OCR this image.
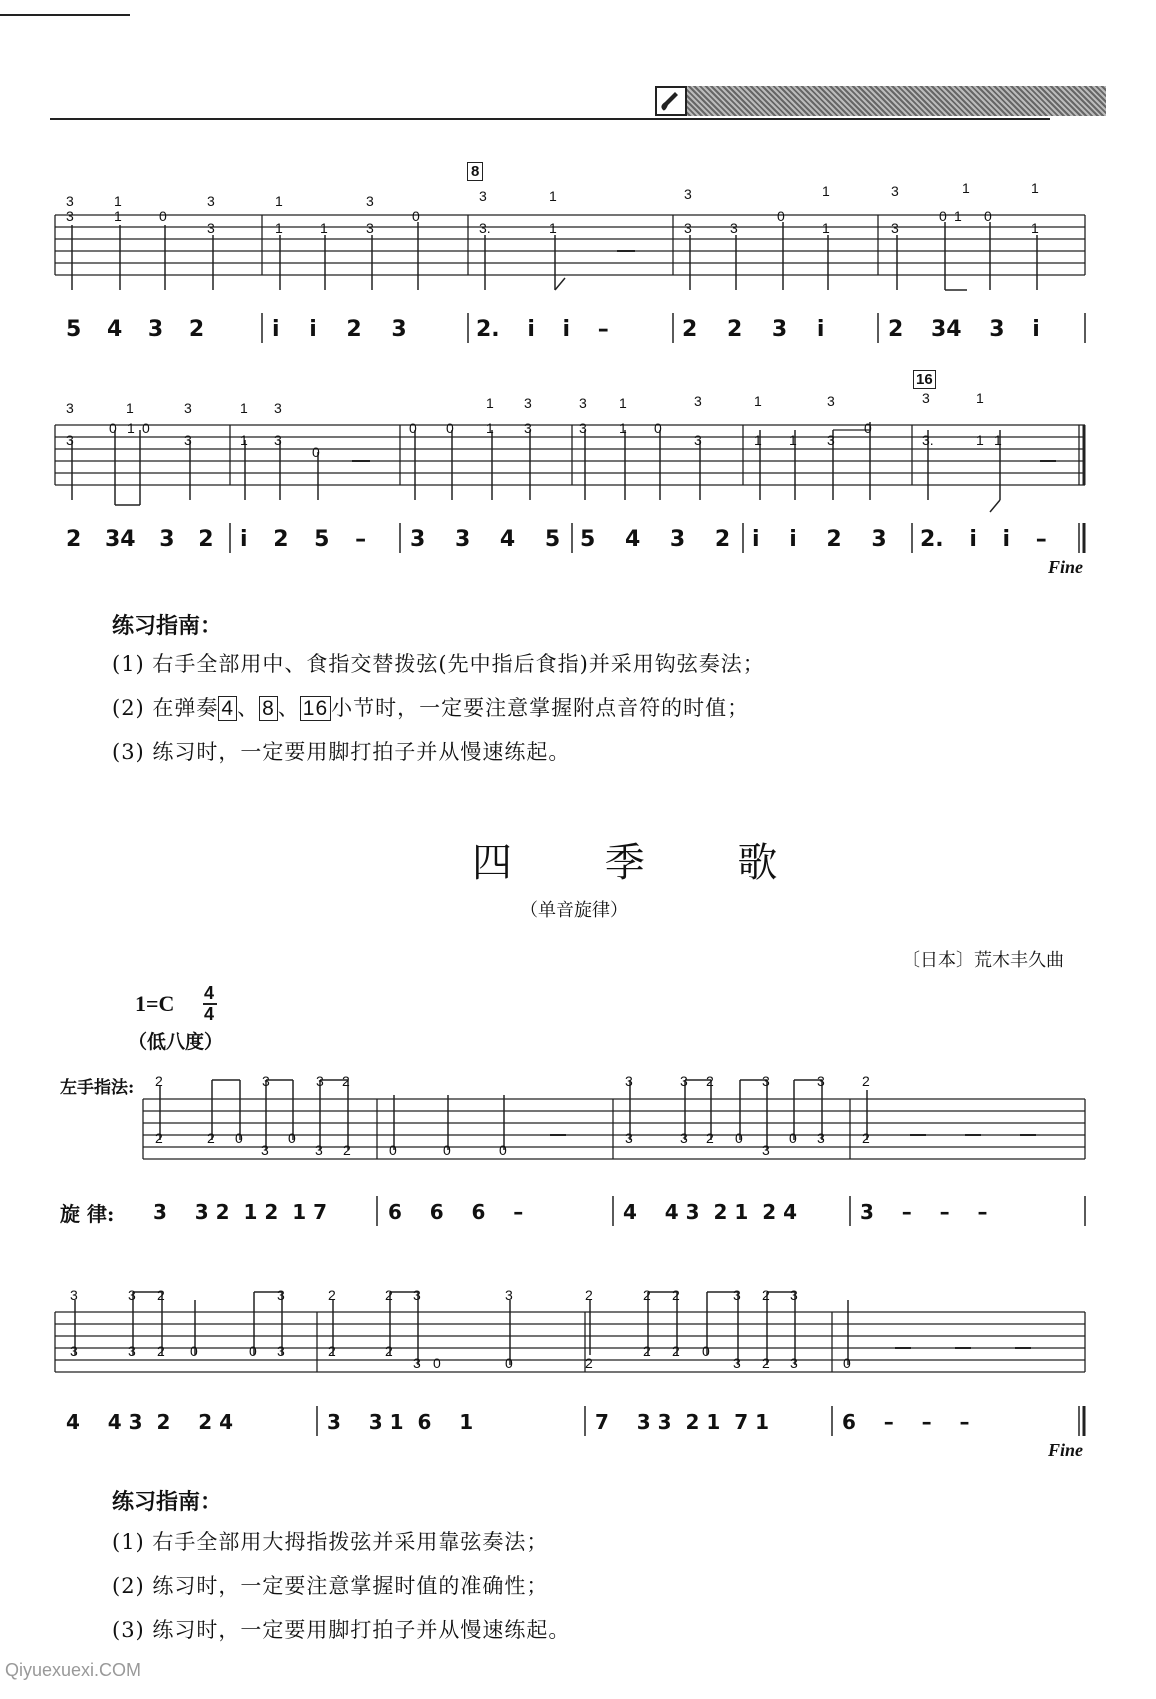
3	1	3	1	3	3	1	3	1	3	1	1
3	1	0
3	1	1	3
0
3.	1	3	3
0
1	3
0 1 0
1
8
5 4 3 2	i i 2 3	2. i i –	2 2 3 i	2 34 3 i
3	1	3	1 3	1 3	3 1	3	1	3	3	1
3
0 1 0
3	1 3
0
0 0 1 3	3 1 0
3	1 1 3
0
3.	1 1
16
2 34 3 2 i 2 5 – 3 3 4 5 5 4 3 2 i i 2 3 2. i i –
Fine
练习指南：
(1) 右手全部用中、食指交替拨弦(先中指后食指)并采用钩弦奏法；
(2) 在弹奏 4 、 8 、 16 小节时，一定要注意掌握附点音符的时值；
(3) 练习时，一定要用脚打拍子并从慢速练起。
四 季 歌
（单音旋律）
〔日本〕荒木丰久曲
1=C 4
4
（低八度）
左手指法: 2	3	3 2	3	3 2	3	3	2
2	2 0
3
0
3 2	0	0	0
3	3 2 0
3
0 3	2
旋 律: 3    3 2  1 2  1 7	6    6    6    –	4    4 3  2 1  2 4	3    –    –    –
3	3 2	3	2	2 3	3	2	2 2	3 2 3
3	3 2 0	0 3	2	2
3 0	0	2
2 2 0
3 2 3	0
4    4 3  2    2 4	3    3 1  6    1	7    3 3  2 1  7 1	6    –    –    –
Fine
练习指南：
(1) 右手全部用大拇指拨弦并采用靠弦奏法；
(2) 练习时，一定要注意掌握时值的准确性；
(3) 练习时，一定要用脚打拍子并从慢速练起。
Qiyuexuexi.COM
